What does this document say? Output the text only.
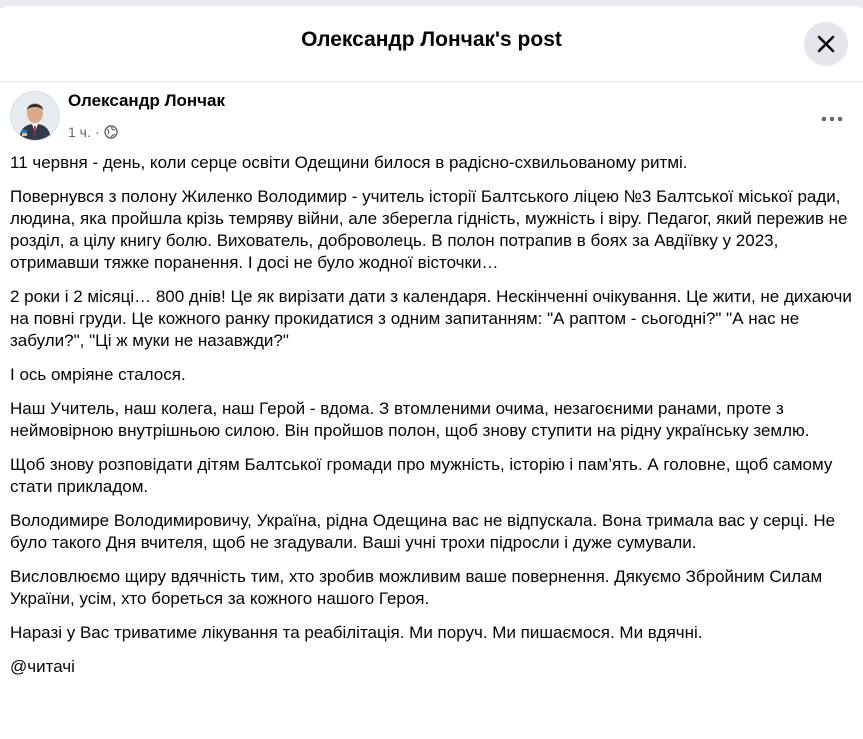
Олександр Лончак's post
Олександр Лончак
1 ч. ·

11 червня - день, коли серце освіти Одещини билося в радісно-схвильованому ритмі.

Повернувся з полону Жиленко Володимир - учитель історії Балтського ліцею №3 Балтської міської ради, людина, яка пройшла крізь темряву війни, але зберегла гідність, мужність і віру. Педагог, який пережив не розділ, а цілу книгу болю. Вихователь, доброволець. В полон потрапив в боях за Авдіївку у 2023, отримавши тяжке поранення. І досі не було жодної вісточки…

2 роки і 2 місяці… 800 днів! Це як вирізати дати з календаря. Нескінченні очікування. Це жити, не дихаючи на повні груди. Це кожного ранку прокидатися з одним запитанням: "А раптом - сьогодні?" "А нас не забули?", "Ці ж муки не назавжди?"

І ось омріяне сталося.

Наш Учитель, наш колега, наш Герой - вдома. З втомленими очима, незагоєними ранами, проте з неймовірною внутрішньою силою. Він пройшов полон, щоб знову ступити на рідну українську землю.

Щоб знову розповідати дітям Балтської громади про мужність, історію і пам’ять. А головне, щоб самому стати прикладом.

Володимире Володимировичу, Україна, рідна Одещина вас не відпускала. Вона тримала вас у серці. Не було такого Дня вчителя, щоб не згадували. Ваші учні трохи підросли і дуже сумували.

Висловлюємо щиру вдячність тим, хто зробив можливим ваше повернення. Дякуємо Збройним Силам України, усім, хто бореться за кожного нашого Героя.

Наразі у Вас триватиме лікування та реабілітація. Ми поруч. Ми пишаємося. Ми вдячні.

@читачі
